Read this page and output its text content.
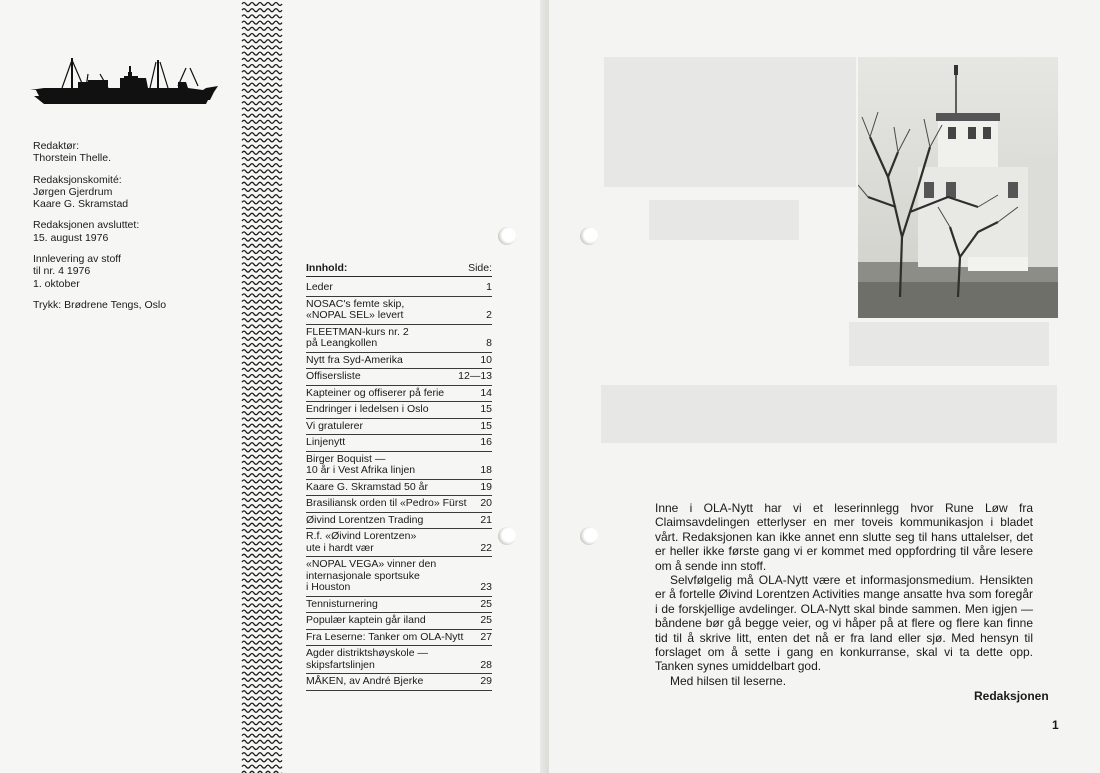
Redaktør:
Thorstein Thelle.
Redaksjonskomité:
Jørgen Gjerdrum
Kaare G. Skramstad
Redaksjonen avsluttet:
15. august 1976
Innlevering av stoff
til nr. 4 1976
1. oktober
Trykk: Brødrene Tengs, Oslo
Innhold:	Side:
Leder	1
NOSAC's femte skip,
«NOPAL SEL» levert	2
FLEETMAN-kurs nr. 2
på Leangkollen	8
Nytt fra Syd-Amerika	10
Offisersliste	12—13
Kapteiner og offiserer på ferie	14
Endringer i ledelsen i Oslo	15
Vi gratulerer	15
Linjenytt	16
Birger Boquist —
10 år i Vest Afrika linjen	18
Kaare G. Skramstad 50 år	19
Brasiliansk orden til «Pedro» Fürst 20
Øivind Lorentzen Trading	21
R.f. «Øivind Lorentzen»
ute i hardt vær	22
«NOPAL VEGA» vinner den
internasjonale sportsuke
i Houston	23
Tennisturnering	25
Populær kaptein går iland	25
Fra Leserne: Tanker om OLA-Nytt 27
Agder distriktshøyskole —
skipsfartslinjen	28
MÅKEN, av André Bjerke	29

Inne i OLA-Nytt har vi et leserinnlegg hvor Rune Løw fra Claimsavdelingen etterlyser en mer toveis kommunikasjon i bladet vårt. Redaksjonen kan ikke annet enn slutte seg til hans uttalelser, det er heller ikke første gang vi er kommet med oppfordring til våre lesere om å sende inn stoff.

Selvfølgelig må OLA-Nytt være et informasjonsmedium. Hensikten er å fortelle Øivind Lorentzen Activities mange ansatte hva som foregår i de forskjellige avdelinger. OLA-Nytt skal binde sammen. Men igjen — båndene bør gå begge veier, og vi håper på at flere og flere kan finne tid til å skrive litt, enten det nå er fra land eller sjø. Med hensyn til forslaget om å sette i gang en konkurranse, skal vi ta dette opp. Tanken synes umiddelbart god.

Med hilsen til leserne.

Redaksjonen
1
